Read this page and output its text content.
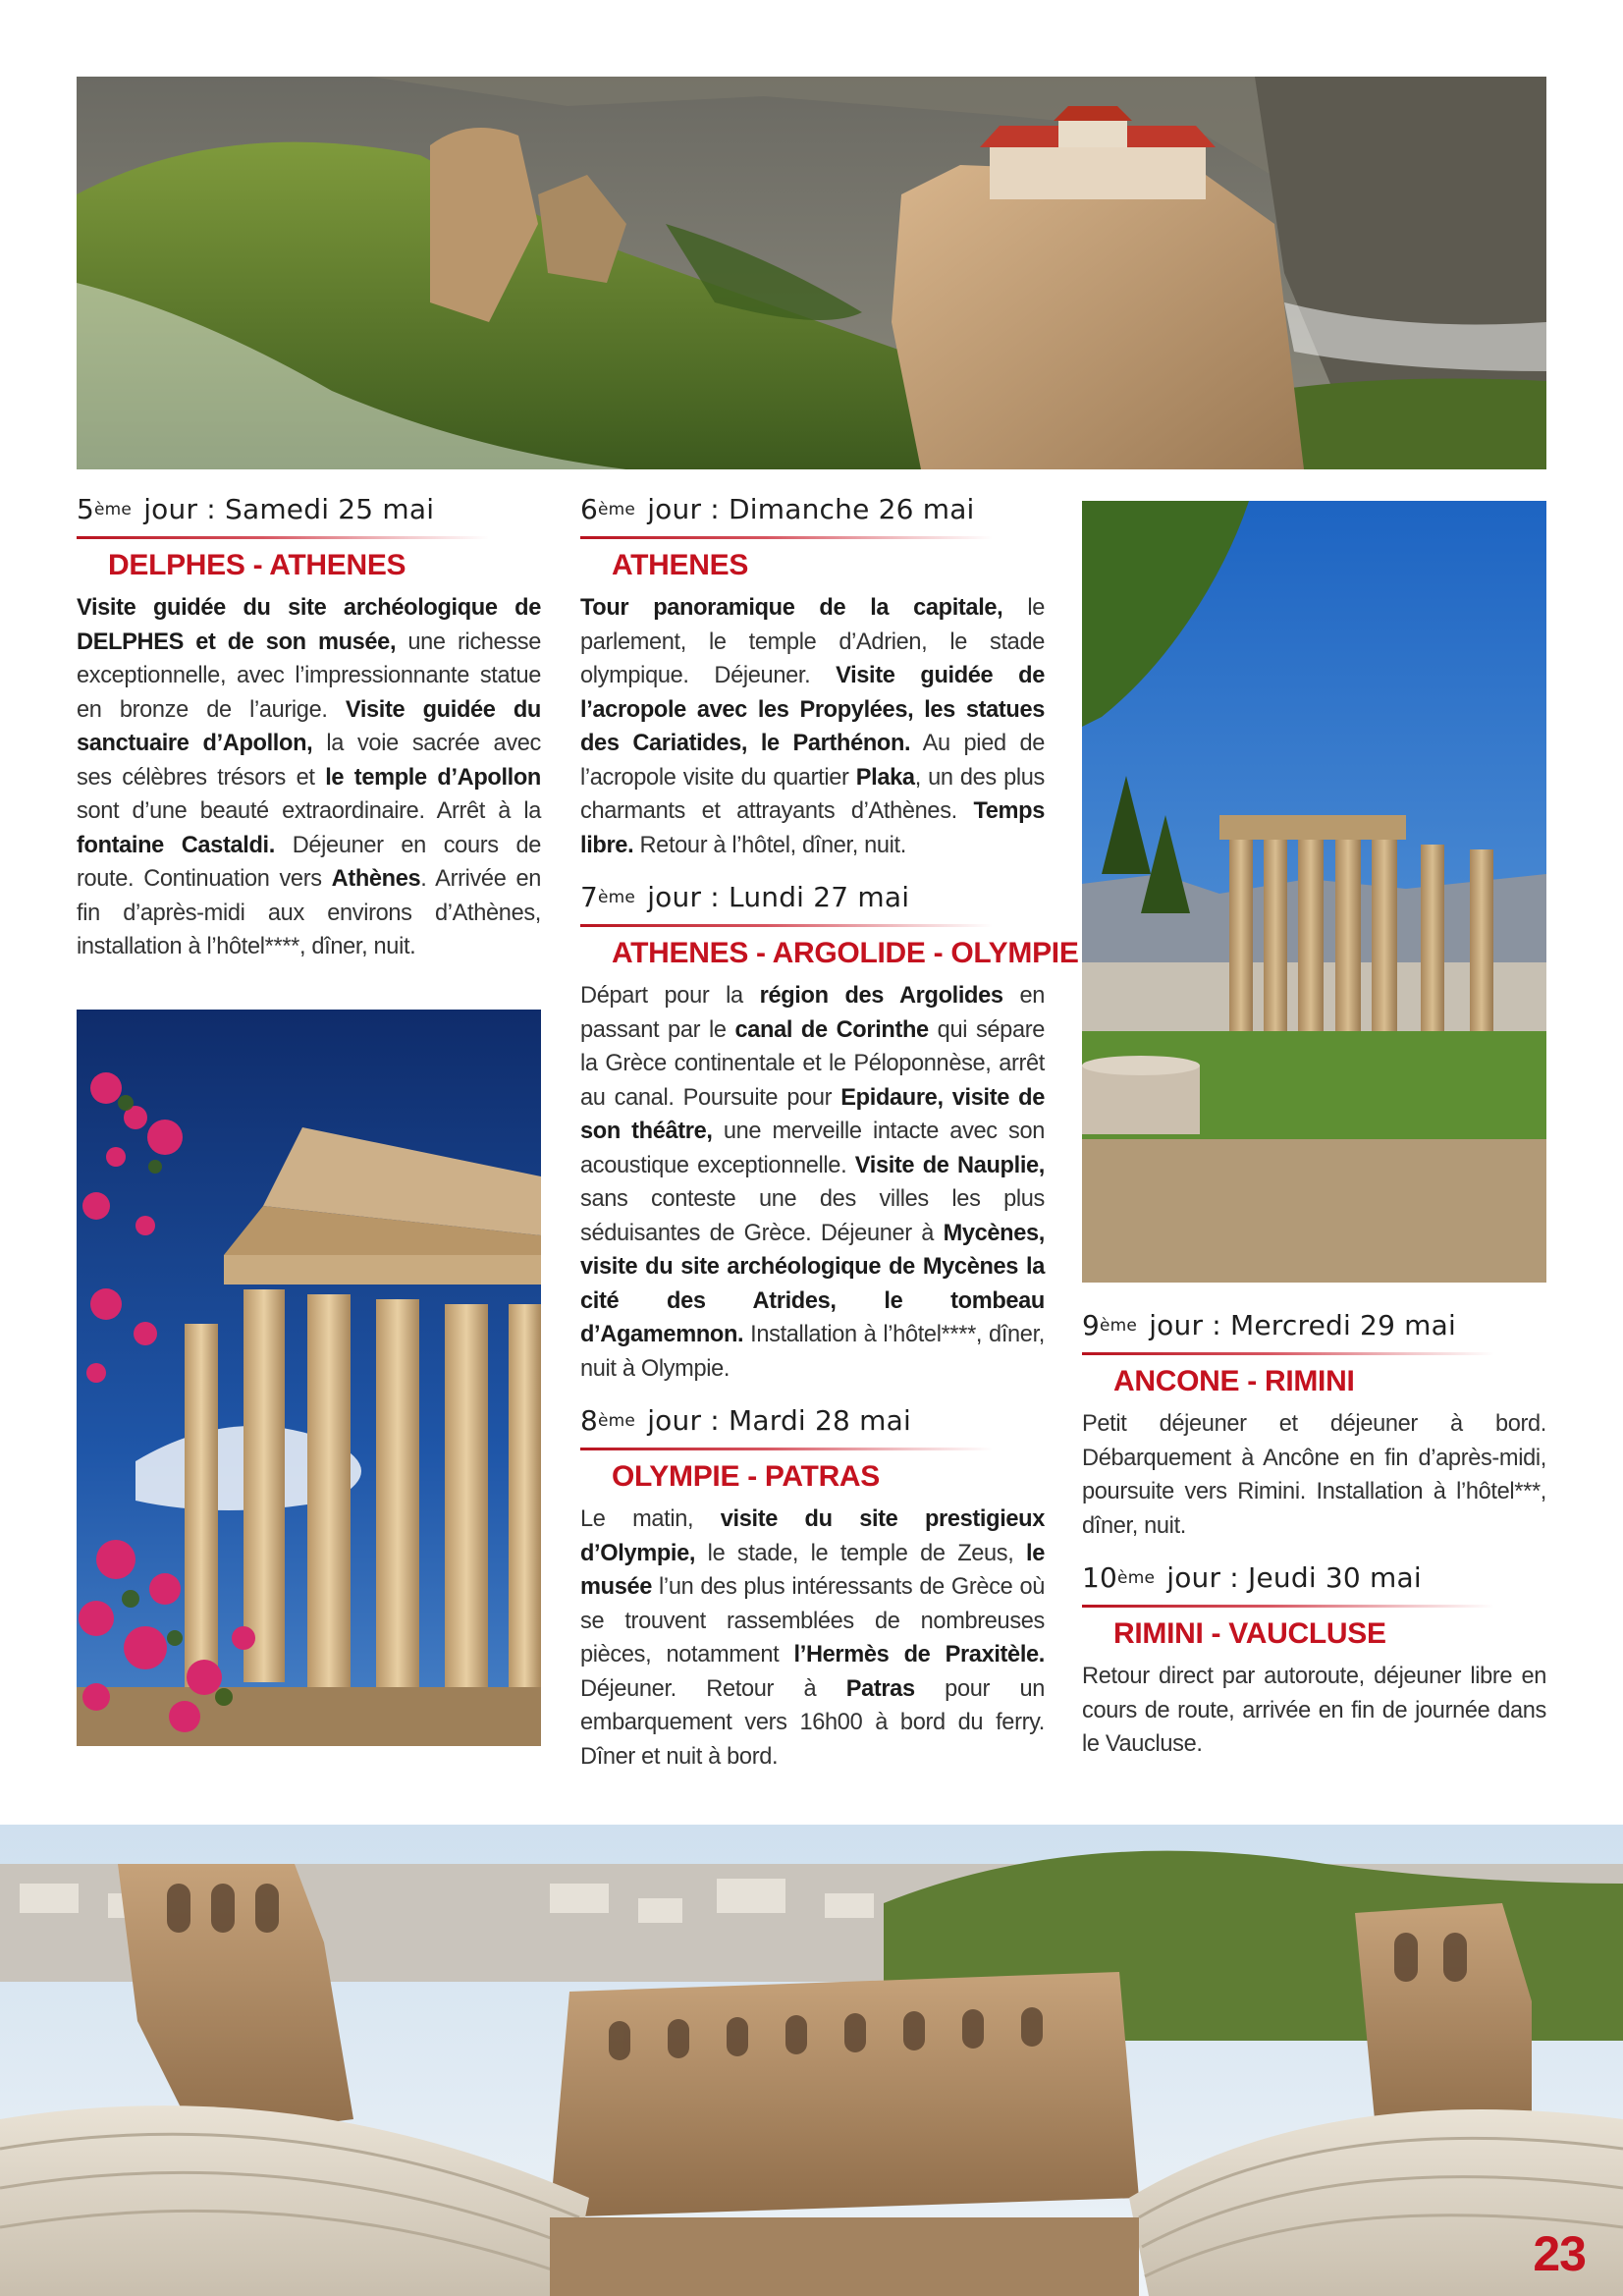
5ème jour : Samedi 25 mai
DELPHES - ATHENES

Visite guidée du site archéologique de DELPHES et de son musée, une richesse exceptionnelle, avec l’impressionnante statue en bronze de l’aurige. Visite guidée du sanctuaire d’Apollon, la voie sacrée avec ses célèbres trésors et le temple d’Apollon sont d’une beauté extraordinaire. Arrêt à la fontaine Castaldi. Déjeuner en cours de route. Continuation vers Athènes. Arrivée en fin d’après-midi aux environs d’Athènes, installation à l’hôtel****, dîner, nuit.

6ème jour : Dimanche 26 mai
ATHENES

Tour panoramique de la capitale, le parlement, le temple d’Adrien, le stade olympique. Déjeuner. Visite guidée de l’acropole avec les Propylées, les statues des Cariatides, le Parthénon. Au pied de l’acropole visite du quartier Plaka, un des plus charmants et attrayants d’Athènes. Temps libre. Retour à l’hôtel, dîner, nuit.

7ème jour : Lundi 27 mai
ATHENES - ARGOLIDE - OLYMPIE

Départ pour la région des Argolides en passant par le canal de Corinthe qui sépare la Grèce continentale et le Péloponnèse, arrêt au canal. Poursuite pour Epidaure, visite de son théâtre, une merveille intacte avec son acoustique exceptionnelle. Visite de Nauplie, sans conteste une des villes les plus séduisantes de Grèce. Déjeuner à Mycènes, visite du site archéologique de Mycènes la cité des Atrides, le tombeau d’Agamemnon. Installation à l’hôtel****, dîner, nuit à Olympie.

8ème jour : Mardi 28 mai
OLYMPIE - PATRAS

Le matin, visite du site prestigieux d’Olympie, le stade, le temple de Zeus, le musée l’un des plus intéressants de Grèce où se trouvent rassemblées de nombreuses pièces, notamment l’Hermès de Praxitèle. Déjeuner. Retour à Patras pour un embarquement vers 16h00 à bord du ferry. Dîner et nuit à bord.

9ème jour : Mercredi 29 mai
ANCONE - RIMINI

Petit déjeuner et déjeuner à bord. Débarquement à Ancône en fin d’après-midi, poursuite vers Rimini. Installation à l’hôtel***, dîner, nuit.

10ème jour : Jeudi 30 mai
RIMINI - VAUCLUSE

Retour direct par autoroute, déjeuner libre en cours de route, arrivée en fin de journée dans le Vaucluse.

23
